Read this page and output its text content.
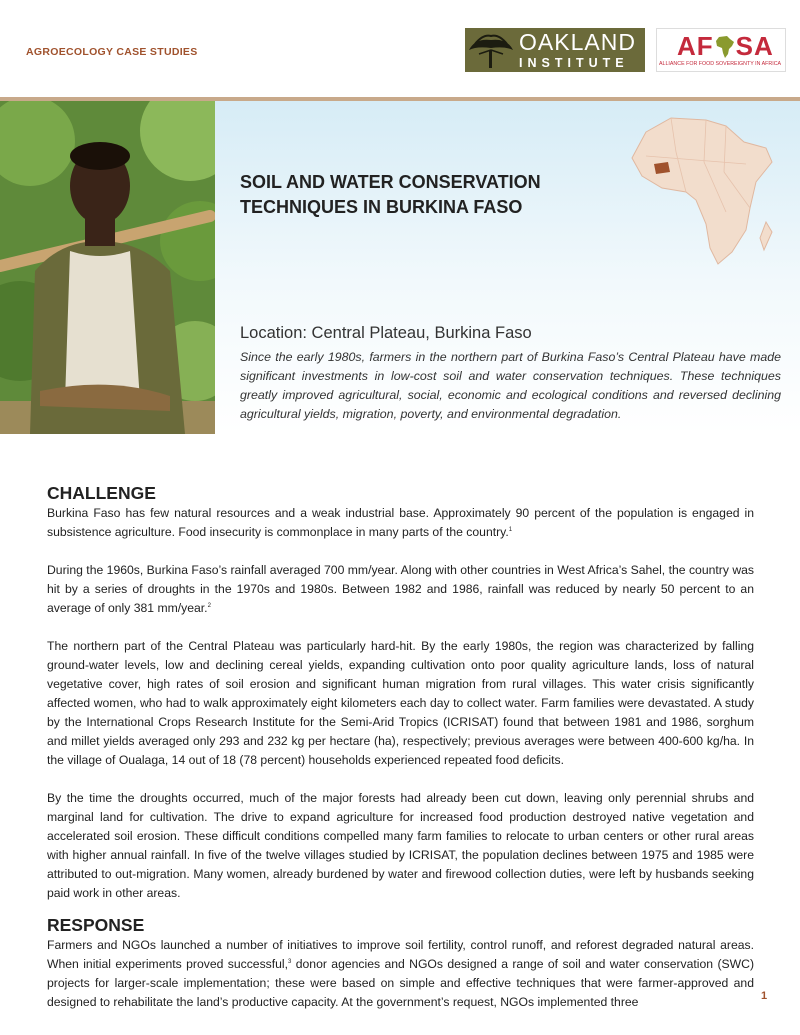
AGROECOLOGY CASE STUDIES	OAKLAND
INSTITUTE
AF SA
ALLIANCE FOR FOOD SOVEREIGNTY IN AFRICA
SOIL AND WATER CONSERVATION
TECHNIQUES IN BURKINA FASO
Location: Central Plateau, Burkina Faso
Since the early 1980s, farmers in the northern part of Burkina Faso’s Central Plateau have made significant investments in low-cost soil and water conservation techniques. These techniques greatly improved agricultural, social, economic and ecological conditions and reversed declining agricultural yields, migration, poverty, and environmental degradation.
CHALLENGE

Burkina Faso has few natural resources and a weak industrial base. Approximately 90 percent of the population is engaged in subsistence agriculture. Food insecurity is commonplace in many parts of the country.$^1$

During the 1960s, Burkina Faso’s rainfall averaged 700 mm/year. Along with other countries in West Africa’s Sahel, the country was hit by a series of droughts in the 1970s and 1980s. Between 1982 and 1986, rainfall was reduced by nearly 50 percent to an average of only 381 mm/year.$^2$

The northern part of the Central Plateau was particularly hard-hit. By the early 1980s, the region was characterized by falling ground-water levels, low and declining cereal yields, expanding cultivation onto poor quality agriculture lands, loss of natural vegetative cover, high rates of soil erosion and significant human migration from rural villages. This water crisis significantly affected women, who had to walk approximately eight kilometers each day to collect water. Farm families were devastated. A study by the International Crops Research Institute for the Semi-Arid Tropics (ICRISAT) found that between 1981 and 1986, sorghum and millet yields averaged only 293 and 232 kg per hectare (ha), respectively; previous averages were between 400-600 kg/ha. In the village of Oualaga, 14 out of 18 (78 percent) households experienced repeated food deficits.

By the time the droughts occurred, much of the major forests had already been cut down, leaving only perennial shrubs and marginal land for cultivation. The drive to expand agriculture for increased food production destroyed native vegetation and accelerated soil erosion. These difficult conditions compelled many farm families to relocate to urban centers or other rural areas with higher annual rainfall. In five of the twelve villages studied by ICRISAT, the population declines between 1975 and 1985 were attributed to out-migration. Many women, already burdened by water and firewood collection duties, were left by husbands seeking paid work in other areas.

RESPONSE

Farmers and NGOs launched a number of initiatives to improve soil fertility, control runoff, and reforest degraded natural areas. When initial experiments proved successful,$^3$ donor agencies and NGOs designed a range of soil and water conservation (SWC) projects for larger-scale implementation; these were based on simple and effective techniques that were farmer-approved and designed to rehabilitate the land’s productive capacity. At the government’s request, NGOs implemented three	1
